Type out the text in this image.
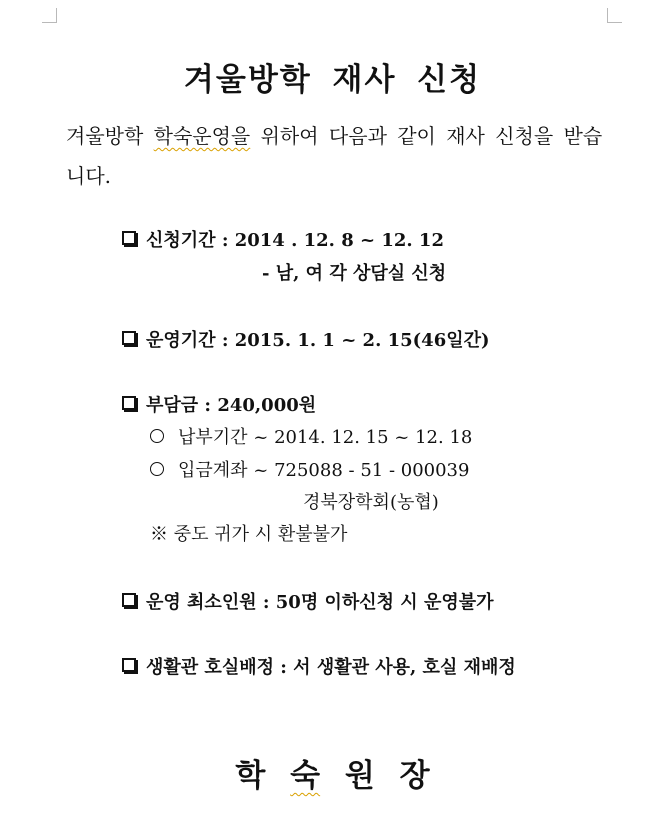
겨울방학 재사 신청

겨울방학 학숙운영을 위하여 다음과 같이 재사 신청을 받습니다.

신청기간 : 2014 . 12. 8 ~ 12. 12
- 남, 여 각 상담실 신청
운영기간 : 2015. 1. 1 ~ 2. 15(46일간)
부담금 : 240,000원
납부기간 ~ 2014. 12. 15 ~ 12. 18
입금계좌 ~ 725088 - 51 - 000039
경북장학회(농협)
※ 중도 귀가 시 환불불가
운영 최소인원 : 50명 이하신청 시 운영불가
생활관 호실배정 : 서 생활관 사용, 호실 재배정
학 숙 원 장
